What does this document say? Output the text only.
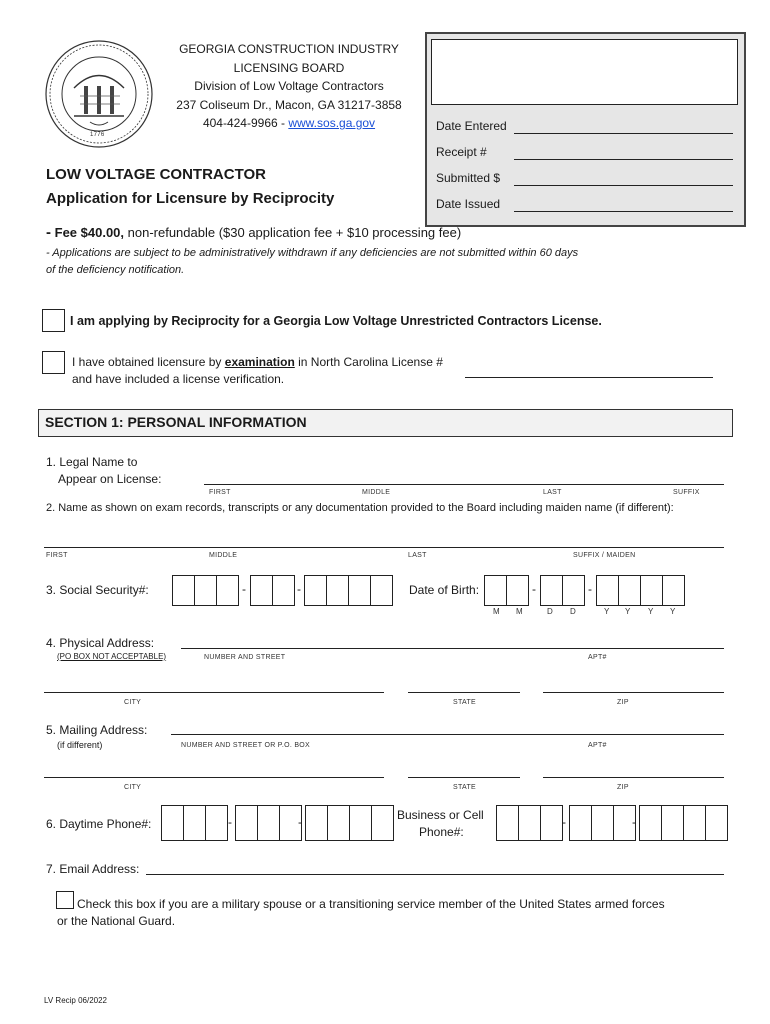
1776
GEORGIA CONSTRUCTION INDUSTRY
LICENSING BOARD
Division of Low Voltage Contractors
237 Coliseum Dr., Macon, GA 31217-3858
404-424-9966 - www.sos.ga.gov	Date Entered
Receipt #
Submitted $
Date Issued
LOW VOLTAGE CONTRACTOR
Application for Licensure by Reciprocity
- Fee $40.00, non-refundable ($30 application fee + $10 processing fee)
- Applications are subject to be administratively withdrawn if any deficiencies are not submitted within 60 days
of the deficiency notification.
I am applying by Reciprocity for a Georgia Low Voltage Unrestricted Contractors License.
I have obtained licensure by examination in North Carolina License #
and have included a license verification.
SECTION 1: PERSONAL INFORMATION
1. Legal Name to
Appear on License:
FIRST	MIDDLE	LAST	SUFFIX
2. Name as shown on exam records, transcripts or any documentation provided to the Board including maiden name (if different):
FIRST	MIDDLE	LAST	SUFFIX / MAIDEN
3. Social Security#:	-	-	Date of Birth:	-	-
M M	D D	Y Y Y Y
4. Physical Address:
(PO BOX NOT ACCEPTABLE)	NUMBER AND STREET	APT#
CITY	STATE	ZIP
5. Mailing Address:
(if different)	NUMBER AND STREET OR P.O. BOX	APT#
CITY	STATE	ZIP
6. Daytime Phone#:	-	-	Business or Cell
Phone#:
-	-
7. Email Address:
Check this box if you are a military spouse or a transitioning service member of the United States armed forces
or the National Guard.
LV Recip 06/2022
